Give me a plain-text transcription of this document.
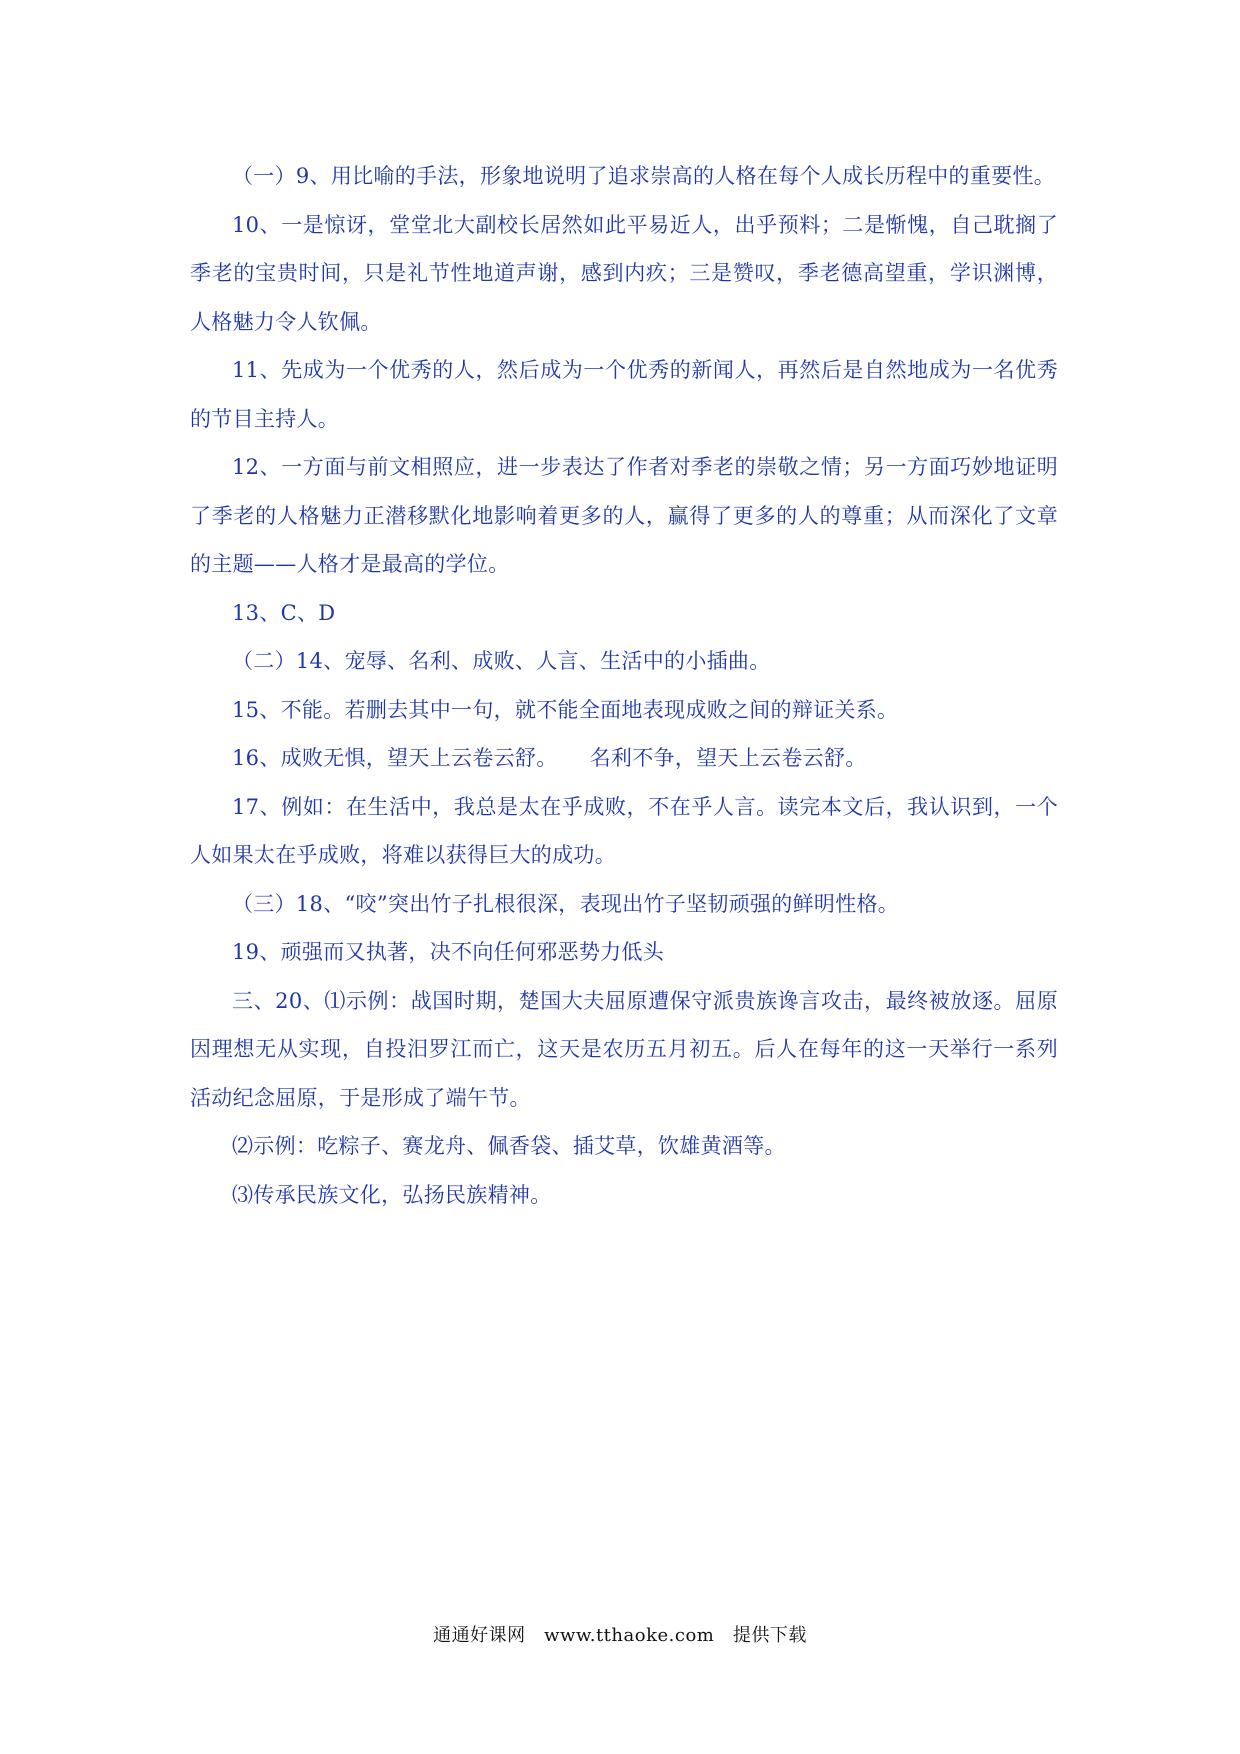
（一）9、用比喻的手法，形象地说明了追求崇高的人格在每个人成长历程中的重要性。

10、一是惊讶，堂堂北大副校长居然如此平易近人，出乎预料；二是惭愧，自己耽搁了季老的宝贵时间，只是礼节性地道声谢，感到内疚；三是赞叹，季老德高望重，学识渊博，人格魅力令人钦佩。

11、先成为一个优秀的人，然后成为一个优秀的新闻人，再然后是自然地成为一名优秀的节目主持人。

12、一方面与前文相照应，进一步表达了作者对季老的崇敬之情；另一方面巧妙地证明了季老的人格魅力正潜移默化地影响着更多的人，赢得了更多的人的尊重；从而深化了文章的主题——人格才是最高的学位。

13、C、D

（二）14、宠辱、名利、成败、人言、生活中的小插曲。

15、不能。若删去其中一句，就不能全面地表现成败之间的辩证关系。

16、成败无惧，望天上云卷云舒。　　名利不争，望天上云卷云舒。

17、例如：在生活中，我总是太在乎成败，不在乎人言。读完本文后，我认识到，一个人如果太在乎成败，将难以获得巨大的成功。

（三）18、“咬”突出竹子扎根很深，表现出竹子坚韧顽强的鲜明性格。

19、顽强而又执著，决不向任何邪恶势力低头

三、20、⑴示例：战国时期，楚国大夫屈原遭保守派贵族谗言攻击，最终被放逐。屈原因理想无从实现，自投汨罗江而亡，这天是农历五月初五。后人在每年的这一天举行一系列活动纪念屈原，于是形成了端午节。

⑵示例：吃粽子、赛龙舟、佩香袋、插艾草，饮雄黄酒等。

⑶传承民族文化，弘扬民族精神。

通通好课网　www.tthaoke.com　提供下载
